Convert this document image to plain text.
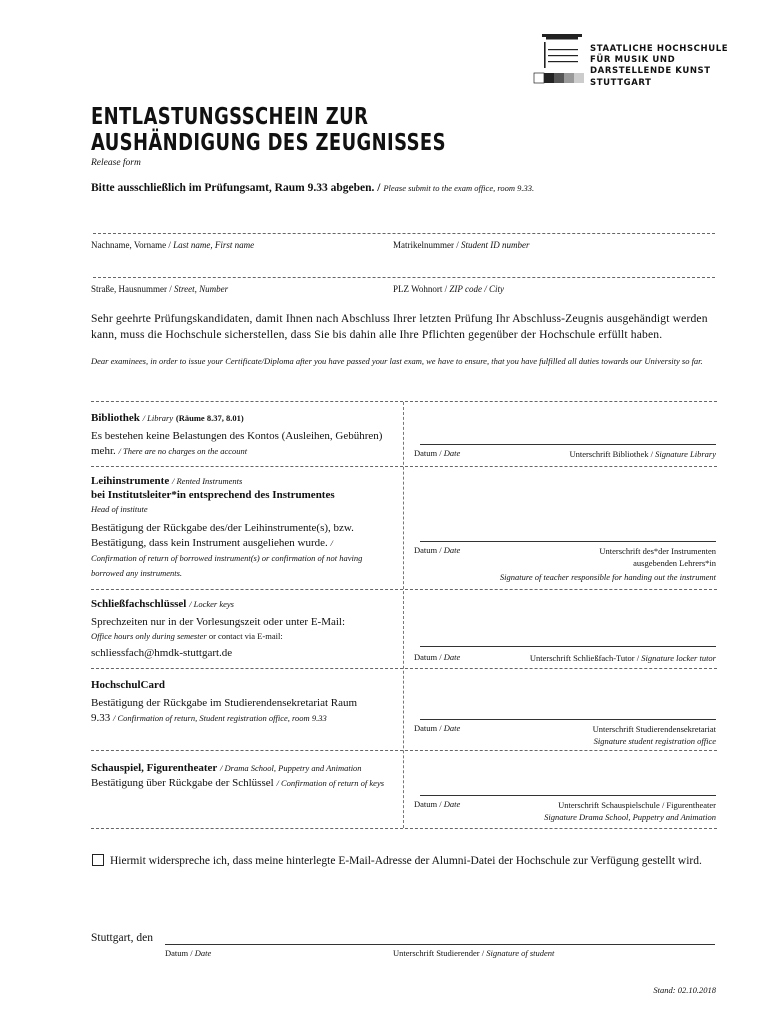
STAATLICHE HOCHSCHULE
FÜR MUSIK UND
DARSTELLENDE KUNST
STUTTGART
ENTLASTUNGSSCHEIN ZUR
AUSHÄNDIGUNG DES ZEUGNISSES
Release form
Bitte ausschließlich im Prüfungsamt, Raum 9.33 abgeben. / Please submit to the exam office, room 9.33.
Nachname, Vorname / Last name, First name	Matrikelnummer / Student ID number
Straße, Hausnummer / Street, Number	PLZ Wohnort / ZIP code / City
Sehr geehrte Prüfungskandidaten, damit Ihnen nach Abschluss Ihrer letzten Prüfung Ihr Abschluss-Zeugnis ausgehändigt werden kann, muss die Hochschule sicherstellen, dass Sie bis dahin alle Ihre Pflichten gegenüber der Hochschule erfüllt haben.
Dear examinees, in order to issue your Certificate/Diploma after you have passed your last exam, we have to ensure, that you have fulfilled all duties towards our University so far.
Bibliothek / Library (Räume 8.37, 8.01)
Es bestehen keine Belastungen des Kontos (Ausleihen, Gebühren) mehr. / There are no charges on the account	Datum / Date	Unterschrift Bibliothek / Signature Library
Leihinstrumente / Rented Instruments
bei Institutsleiter*in entsprechend des Instrumentes
Head of institute
Bestätigung der Rückgabe des/der Leihinstrumente(s), bzw. Bestätigung, dass kein Instrument ausgeliehen wurde. / Confirmation of return of borrowed instrument(s) or confirmation of not having borrowed any instruments.
Datum / Date	Unterschrift des*der Instrumenten
ausgebenden Lehrers*in
Signature of teacher responsible for handing out the instrument
Schließfachschlüssel / Locker keys
Sprechzeiten nur in der Vorlesungszeit oder unter E-Mail:
Office hours only during semester or contact via E-mail:
schliessfach@hmdk-stuttgart.de	Datum / Date	Unterschrift Schließfach-Tutor / Signature locker tutor
HochschulCard
Bestätigung der Rückgabe im Studierendensekretariat Raum 9.33 / Confirmation of return, Student registration office, room 9.33
Datum / Date	Unterschrift Studierendensekretariat
Signature student registration office
Schauspiel, Figurentheater / Drama School, Puppetry and Animation
Bestätigung über Rückgabe der Schlüssel / Confirmation of return of keys
Datum / Date	Unterschrift Schauspielschule / Figurentheater
Signature Drama School, Puppetry and Animation
Hiermit widerspreche ich, dass meine hinterlegte E-Mail-Adresse der Alumni-Datei der Hochschule zur Verfügung gestellt wird.
Stuttgart, den
Datum / Date	Unterschrift Studierender / Signature of student
Stand: 02.10.2018
